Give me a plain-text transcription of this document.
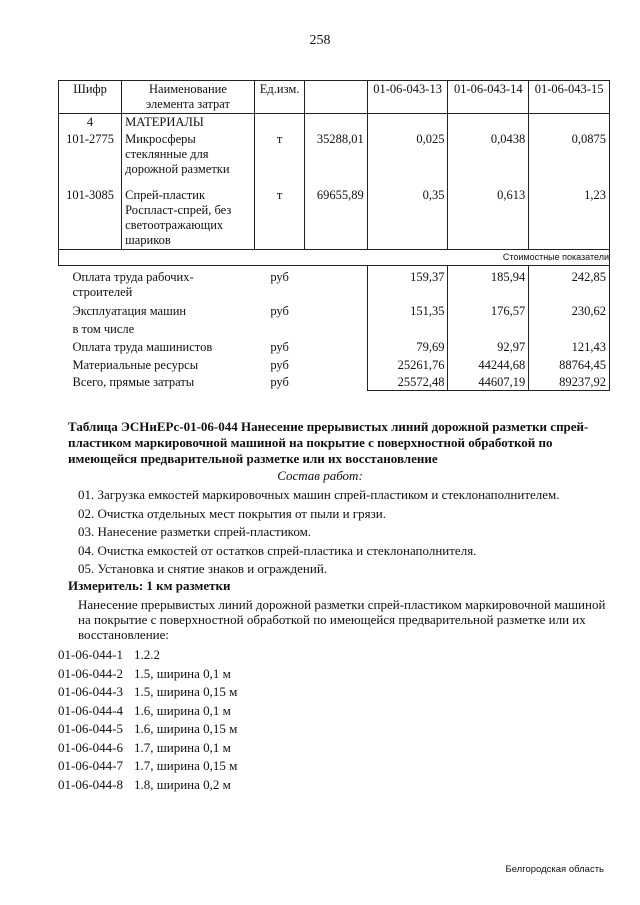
258
Шифр	Наименование элемента затрат	Ед.изм.		01-06-043-13	01-06-043-14	01-06-043-15
4	МАТЕРИАЛЫ					
101-2775	Микросферы стеклянные для дорожной разметки	т	35288,01	0,025	0,0438	0,0875
101-3085	Спрей-пластик Роспласт-спрей, без светоотражающих шариков	т	69655,89	0,35	0,613	1,23
Стоимостные показатели						
Оплата труда рабочих-строителей		руб		159,37	185,94	242,85
Эксплуатация машин		руб		151,35	176,57	230,62
в том числе						
Оплата труда машинистов		руб		79,69	92,97	121,43
Материальные ресурсы		руб		25261,76	44244,68	88764,45
Всего, прямые затраты		руб		25572,48	44607,19	89237,92
Таблица ЭСНиЕРс-01-06-044 Нанесение прерывистых линий дорожной разметки спрей-пластиком маркировочной машиной на покрытие с поверхностной обработкой по имеющейся предварительной разметке или их восстановление
Состав работ:
01. Загрузка емкостей маркировочных машин спрей-пластиком и стеклонаполнителем.
02. Очистка отдельных мест покрытия от пыли и грязи.
03. Нанесение разметки спрей-пластиком.
04. Очистка емкостей от остатков спрей-пластика и стеклонаполнителя.
05. Установка и снятие знаков и ограждений.
Измеритель: 1 км разметки
Нанесение прерывистых линий дорожной разметки спрей-пластиком маркировочной машиной на покрытие с поверхностной обработкой по имеющейся предварительной разметке или их восстановление:
01-06-044-1 1.2.2
01-06-044-2 1.5, ширина 0,1 м
01-06-044-3 1.5, ширина 0,15 м
01-06-044-4 1.6, ширина 0,1 м
01-06-044-5 1.6, ширина 0,15 м
01-06-044-6 1.7, ширина 0,1 м
01-06-044-7 1.7, ширина 0,15 м
01-06-044-8 1.8, ширина 0,2 м
Белгородская область
